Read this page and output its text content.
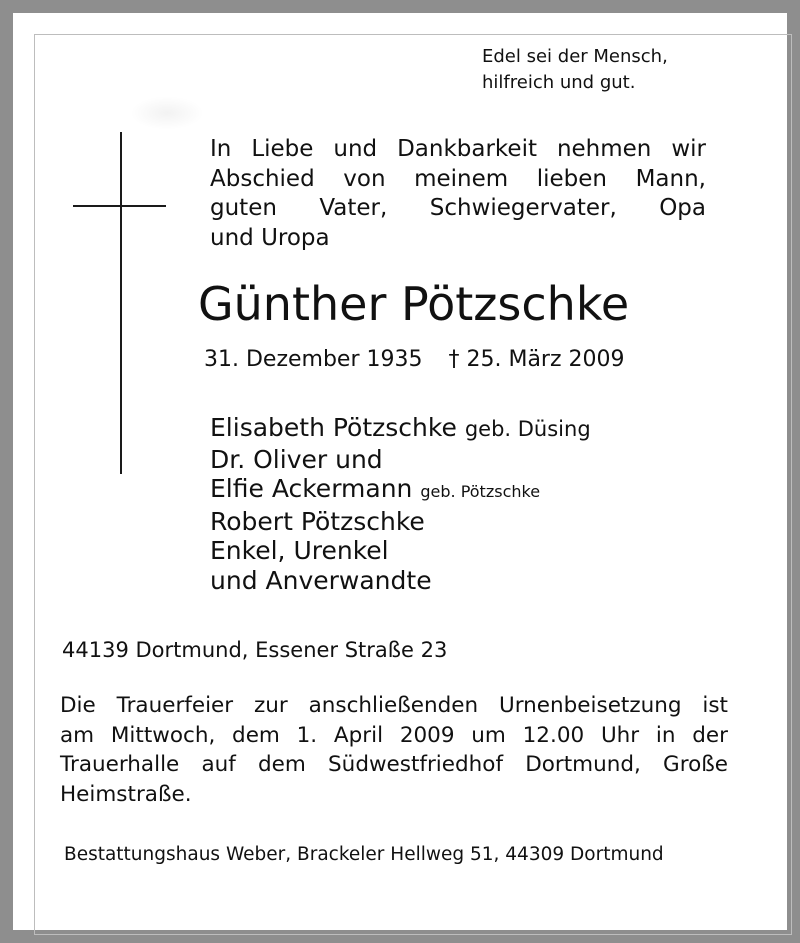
Edel sei der Mensch,
hilfreich und gut.
In Liebe und Dankbarkeit nehmen wir
Abschied von meinem lieben Mann,
guten Vater, Schwiegervater, Opa
und Uropa
Günther Pötzschke
31. Dezember 1935 † 25. März 2009
Elisabeth Pötzschke geb. Düsing
Dr. Oliver und
Elfie Ackermann geb. Pötzschke
Robert Pötzschke
Enkel, Urenkel
und Anverwandte
44139 Dortmund, Essener Straße 23
Die Trauerfeier zur anschließenden Urnenbeisetzung ist
am Mittwoch, dem 1. April 2009 um 12.00 Uhr in der
Trauerhalle auf dem Südwestfriedhof Dortmund, Große
Heimstraße.
Bestattungshaus Weber, Brackeler Hellweg 51, 44309 Dortmund
